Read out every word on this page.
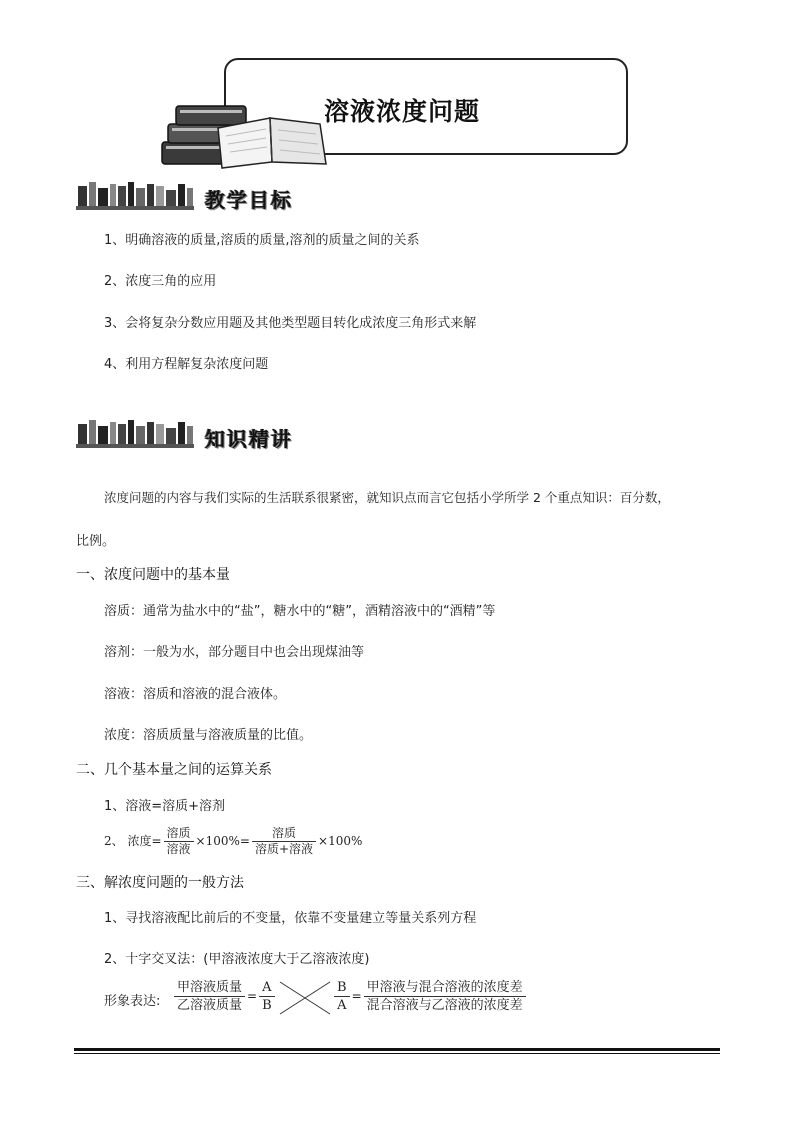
溶液浓度问题
教学目标
1、明确溶液的质量,溶质的质量,溶剂的质量之间的关系
2、浓度三角的应用
3、会将复杂分数应用题及其他类型题目转化成浓度三角形式来解
4、利用方程解复杂浓度问题
知识精讲
浓度问题的内容与我们实际的生活联系很紧密，就知识点而言它包括小学所学 2 个重点知识：百分数，
比例。
一、浓度问题中的基本量
溶质：通常为盐水中的“盐”，糖水中的“糖”，酒精溶液中的“酒精”等
溶剂：一般为水，部分题目中也会出现煤油等
溶液：溶质和溶液的混合液体。
浓度：溶质质量与溶液质量的比值。
二、几个基本量之间的运算关系
1、溶液=溶质+溶剂
2、 浓度= $\frac{\text{溶质}}{\text{溶液}} \times 100\%= \frac{\text{溶质}}{\text{溶质+溶液}} \times 100\%$
三、解浓度问题的一般方法
1、寻找溶液配比前后的不变量，依靠不变量建立等量关系列方程
2、十字交叉法：(甲溶液浓度大于乙溶液浓度)
形象表达: $\frac{\text{甲溶液质量}}{\text{乙溶液质量}} = \frac{A}{B}$	$\frac{B}{A} = \frac{\text{甲溶液与混合溶液的浓度差}}{\text{混合溶液与乙溶液的浓度差}}$
